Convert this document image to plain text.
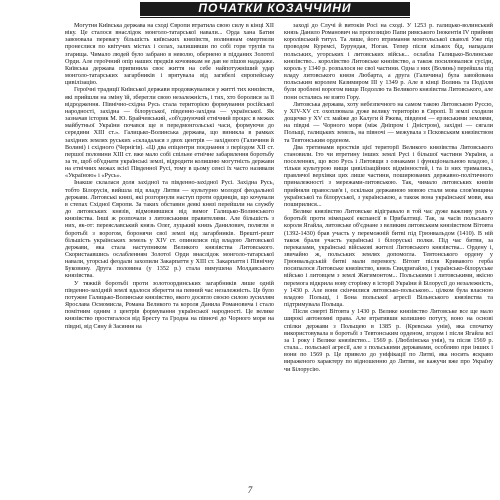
ПОЧАТКИ КОЗАЧЧИНИ

Могутня Київська держава на сході Європи втратила свою силу в кінці XII віку. Це сталося внаслідок монголо-татарської навали... Орда хана Батия завоювала перевагу більшість київських князівств, волинянам омертвели пронеслися по квітучих містах і селах, залишивши по собі гори трупів та згарища. Чимало людей було забрано в неволю, обернено в підданих Золотої Орди. Але героїчний опір наших предків кочовикам не дав не пішов нададаже. Київська держава припинила своє життя на себе найпотужніший удар монголо-татарських загарбників і врятувала від загибелі європейську цивілізацію.

Героїчні традиції Київської держави продовжувалися у житті тих князівств, які прийшли на зміну їй, зберегли свою незалежність, і тих, хто боролися за її відродження. Північно-східна Русь стала територією формування російської народності, західна — білоруської, південно-західна — української. Як зазначав історик М. Ю. Брайчевський, «об'єднуючий етнічний процес в межах майбутньої України почався ще в передмонгольські часи, формуючи до середини XIII ст.». Галицько-Волинська держава, що виникла в рамках західних землях руських «складалася з двох центрів — західного (Галичини й Волині) і східного (Чернігів). «Ці два епіцентри поєднання з періодом XII ст. першої половини XIII ст. вже мало собі спільне етнічне забарвлення боротьбу за те, щоб об'єднати українські землі, відродити колишню могутність держави на етнічних межах всієї Південної Русі, тому в цьому сенсі їх часто називали «Україною» і «Русь».

Інакше склалася доля західної та південно-західної Русі. Західна Русь, тобто Білорусія, вийшла під владу Литви — культурно молодої феодальної держави. Литовські князі, які розгорнули наступ проти ординців, що кочували в степах Східної Європи. За таких обставин деякі князі перейшли на службу до литовських князів, відмовившися від вимог Галицько-Волинського князівства. Інші ж розпочали з литовськими правителями. Але більшість з них, як-от: переяславський князь Олег, луцький князь Данилович, полягли в боротьбі з ворогом, боронячи свої землі від загарбників. Врешті-решт більшість українських земель у XIV ст. опинилися під владою Литовської держави, яка стала наступником Великого князівства Литовського. Скористаавшись ослабленням Золотої Орди внаслідок монголо-татарської навали, угорські феодали захопили Закарпаття у XIII ст. Закарпаття і Північну Буковину. Друга половина (у 1352 р.) стала вимушена Молдавського князівства.

У тяжкій боротьбі проти золотоординських загарбників лише одній південно-західній землі вдалося зберегти на певний час незалежність. Це було потужне Галицько-Волинське князівство, якого досягло своєю силою зусиллям Ярослава Осмомисла, Романа Великого та короля Данила Романовича і стало помітним одним з центрів формування української народності. Це велике князівство простягалося від Бресту та Гродна на півночі до Чорного моря на півдні, від Сяну й Засяння на

заході до Случі й витоків Росі на сході. У 1253 р. галицько-волинський князь Данило Романович на пропозицію Папи римського Інокентія IV прийняв королівський титул. Та лише, його втримання монгольської сваволі Уже під проводом Куремсі, Бурундая, Ногая. Тепер після кількох бід, нападали польських, угорських і литовських військ... ослабла Галицько-Волинське князівство... королівство Литовське князівство, а також посилювалися сусіди, король у 1340 р. розпалося не свої частини. Одна з них (Волинь) перейшла під владу литовського князя Любарта, а друга (Галичина) була завойована польським королем Казимиром III у 1349 р. Але в кінці Волинь та Поділля були зроблені ворогом вище Подоллю та Великого князівства Литовського, але пони остались не взято Гору.

Литовська держава, хоту небезпечного на самом такою Литовською Руссю, у XIV-XV ст. охоплювала дуже велику територію в Європі. Її землі сходили дощечко у XV ст. майже до Калуги й Ржева, південні — ерзиськими землями, на півдні — Чорного моря (між Дніпром і Дністром), західні — сягали Польщі, галицьких земель, на півночі — межувала з Псковським князівством та Тевтонським орденом.

Два третинами вростків цієї території Великого князівства Литовського становили. Іто чи втретину інших землі Русі і більшої частини України, а поселеннях, що всю Русь і Литовщи з ознаками і функціональною владою, і тільки культурою вищи цивілізаційних відмінностей, і та із них тримались, правлячої верхівки цих лише частини, поширюваних державно-політичного приналежності з мережами-литовською. Так, чимало литовських князів прийняли православ'я і, оскільки державною мовою стали мова слов'янщина української та білоруської, з українською, а також вона української мови, яка поширилися...

Велике князівство Литовське відігравало в той час дуже важливу роль у боротьбі проти німецької експансії в Прибалтиці. Так, за часів польського короля Ягайла, литовське об'єднане з великим литовським князівством Вітовта (1392-1430) брав участь у переможній битві під Грюнвальдом (1410). В ній також брали участь українські і білоруські полки. Під час битви, за переказами, українські військові жителі Литовського князівства... Ордену і, звичайно ж, польських землях допомогла. Тевтонського ордену у Грюнвальдській битві мали перемогу. Вітовт після Кривавого герба посипалося Литовське князівство, князь Свидригайло, і українсько-білоруське військо і литовцем з землі Жигимонтом... Польськими і литовськими, якісно перемога відкрила нову сторінку в історії України й Білорусії до незалежність, у 1430 р. Але вони скінчилися литовсько-польською... цілком була власною владою Польщі, і Бона польської агресії Вільнського князівства та підтримувала Польща.

Після смерті Вітовта у 1430 р. Велике князівство Литовське все ще мало широкі автономні права. Але втративши колишню потугу, воно на основі спілки держави з Польщею в 1385 р. (Кревська унія), яка спочатку використовувала в боротьбі з Тевтонським орденом, згодом і після Ягайла всі за 1 року і Велике князівство... 1569 р. (Люблінська унія), та після 1569 р. стала... польської агресії, але з польськими державами, особливо при інших і вони по 1569 р. Це привело до уніфікації по Литві, яка носить яскраво вираженого характеру по відношенню до Литви, не кажучи вже про Україну чи Білорусію.

7
